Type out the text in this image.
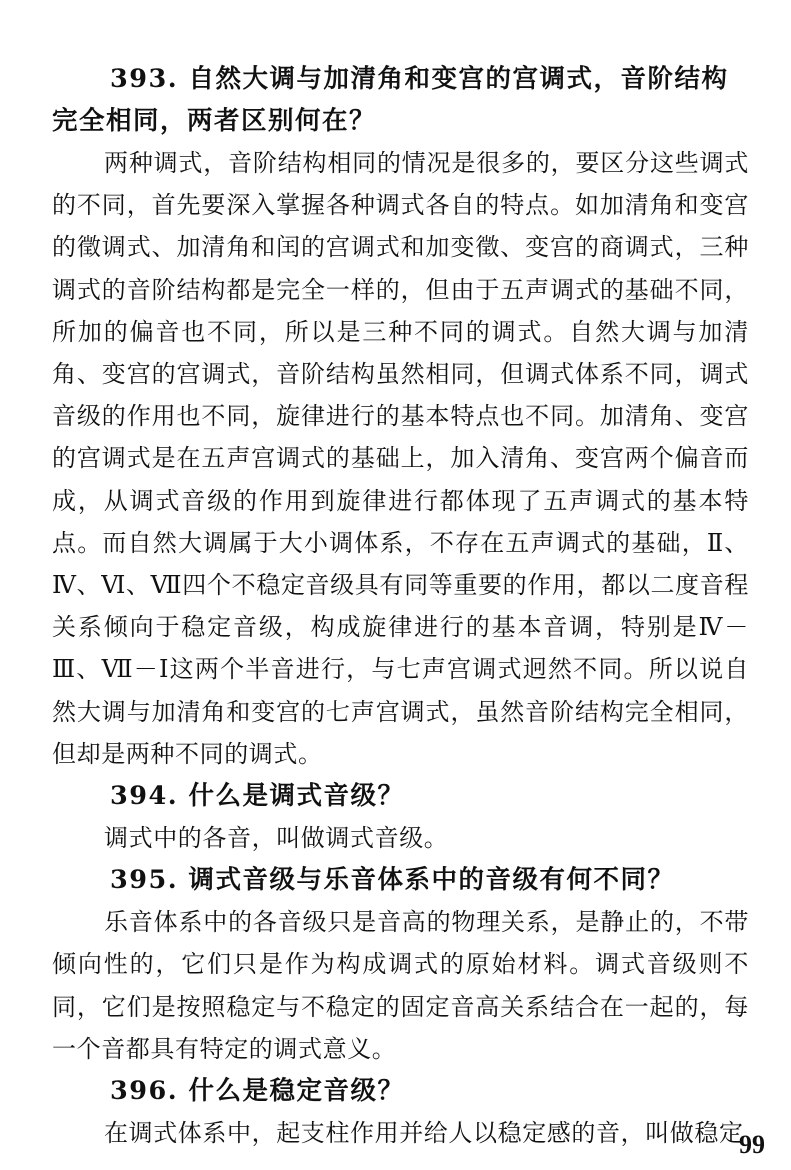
393. 自然大调与加清角和变宫的宫调式，音阶结构完全相同，两者区别何在？

两种调式，音阶结构相同的情况是很多的，要区分这些调式的不同，首先要深入掌握各种调式各自的特点。如加清角和变宫的徵调式、加清角和闰的宫调式和加变徵、变宫的商调式，三种调式的音阶结构都是完全一样的，但由于五声调式的基础不同，所加的偏音也不同，所以是三种不同的调式。自然大调与加清角、变宫的宫调式，音阶结构虽然相同，但调式体系不同，调式音级的作用也不同，旋律进行的基本特点也不同。加清角、变宫的宫调式是在五声宫调式的基础上，加入清角、变宫两个偏音而成，从调式音级的作用到旋律进行都体现了五声调式的基本特点。而自然大调属于大小调体系，不存在五声调式的基础，Ⅱ、Ⅳ、Ⅵ、Ⅶ四个不稳定音级具有同等重要的作用，都以二度音程关系倾向于稳定音级，构成旋律进行的基本音调，特别是Ⅳ－Ⅲ、Ⅶ－Ⅰ这两个半音进行，与七声宫调式迥然不同。所以说自然大调与加清角和变宫的七声宫调式，虽然音阶结构完全相同，但却是两种不同的调式。

394. 什么是调式音级？

调式中的各音，叫做调式音级。

395. 调式音级与乐音体系中的音级有何不同？

乐音体系中的各音级只是音高的物理关系，是静止的，不带倾向性的，它们只是作为构成调式的原始材料。调式音级则不同，它们是按照稳定与不稳定的固定音高关系结合在一起的，每一个音都具有特定的调式意义。

396. 什么是稳定音级？

在调式体系中，起支柱作用并给人以稳定感的音，叫做稳定

99
